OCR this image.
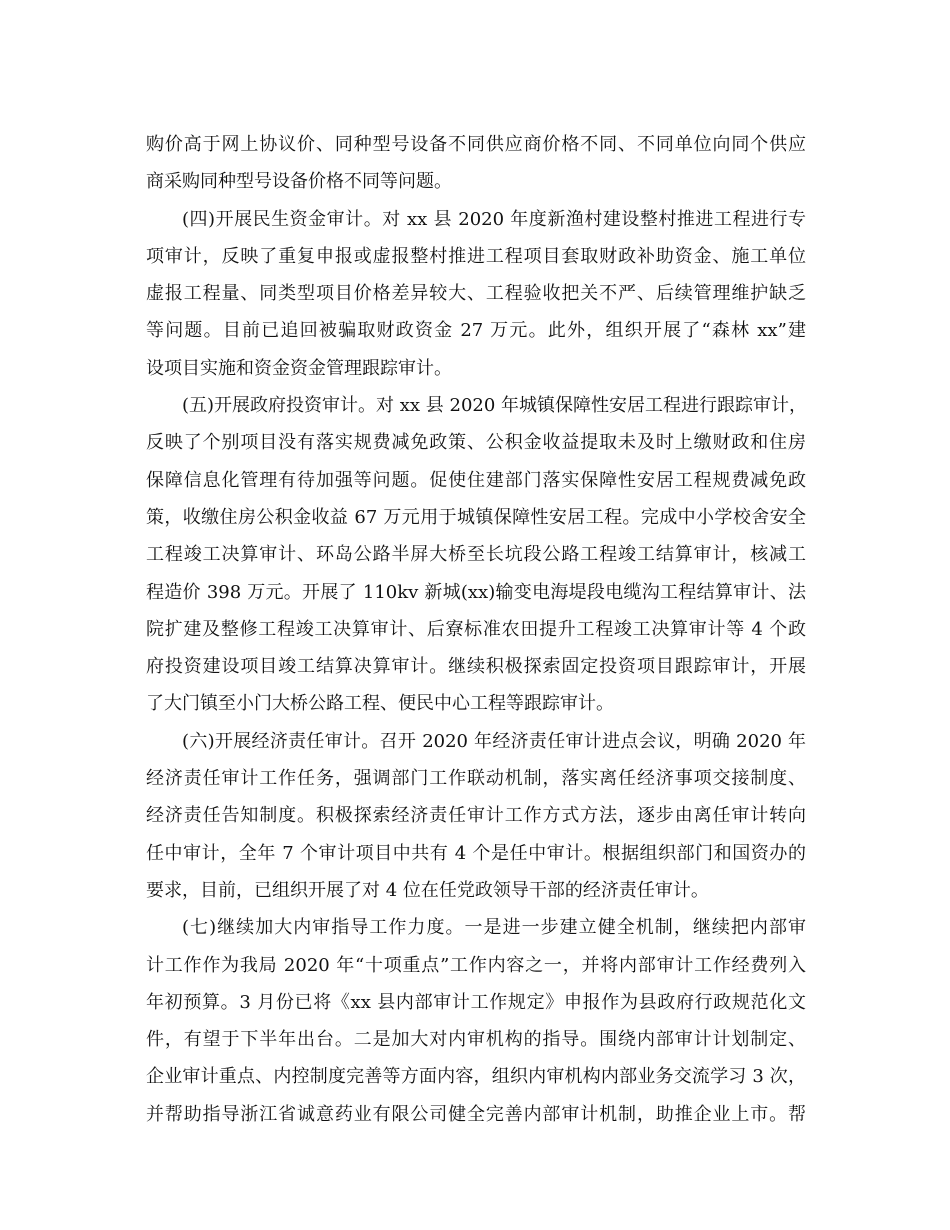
购价高于网上协议价、同种型号设备不同供应商价格不同、不同单位向同个供应
商采购同种型号设备价格不同等问题。
(四)开展民生资金审计。对 xx 县 2020 年度新渔村建设整村推进工程进行专
项审计，反映了重复申报或虚报整村推进工程项目套取财政补助资金、施工单位
虚报工程量、同类型项目价格差异较大、工程验收把关不严、后续管理维护缺乏
等问题。目前已追回被骗取财政资金 27 万元。此外，组织开展了“森林 xx”建
设项目实施和资金资金管理跟踪审计。
(五)开展政府投资审计。对 xx 县 2020 年城镇保障性安居工程进行跟踪审计，
反映了个别项目没有落实规费减免政策、公积金收益提取未及时上缴财政和住房
保障信息化管理有待加强等问题。促使住建部门落实保障性安居工程规费减免政
策，收缴住房公积金收益 67 万元用于城镇保障性安居工程。完成中小学校舍安全
工程竣工决算审计、环岛公路半屏大桥至长坑段公路工程竣工结算审计，核减工
程造价 398 万元。开展了 110kv 新城(xx)输变电海堤段电缆沟工程结算审计、法
院扩建及整修工程竣工决算审计、后寮标准农田提升工程竣工决算审计等 4 个政
府投资建设项目竣工结算决算审计。继续积极探索固定投资项目跟踪审计，开展
了大门镇至小门大桥公路工程、便民中心工程等跟踪审计。
(六)开展经济责任审计。召开 2020 年经济责任审计进点会议，明确 2020 年
经济责任审计工作任务，强调部门工作联动机制，落实离任经济事项交接制度、
经济责任告知制度。积极探索经济责任审计工作方式方法，逐步由离任审计转向
任中审计，全年 7 个审计项目中共有 4 个是任中审计。根据组织部门和国资办的
要求，目前，已组织开展了对 4 位在任党政领导干部的经济责任审计。
(七)继续加大内审指导工作力度。一是进一步建立健全机制，继续把内部审
计工作作为我局 2020 年“十项重点”工作内容之一，并将内部审计工作经费列入
年初预算。3 月份已将《xx 县内部审计工作规定》申报作为县政府行政规范化文
件，有望于下半年出台。二是加大对内审机构的指导。围绕内部审计计划制定、
企业审计重点、内控制度完善等方面内容，组织内审机构内部业务交流学习 3 次，
并帮助指导浙江省诚意药业有限公司健全完善内部审计机制，助推企业上市。帮
